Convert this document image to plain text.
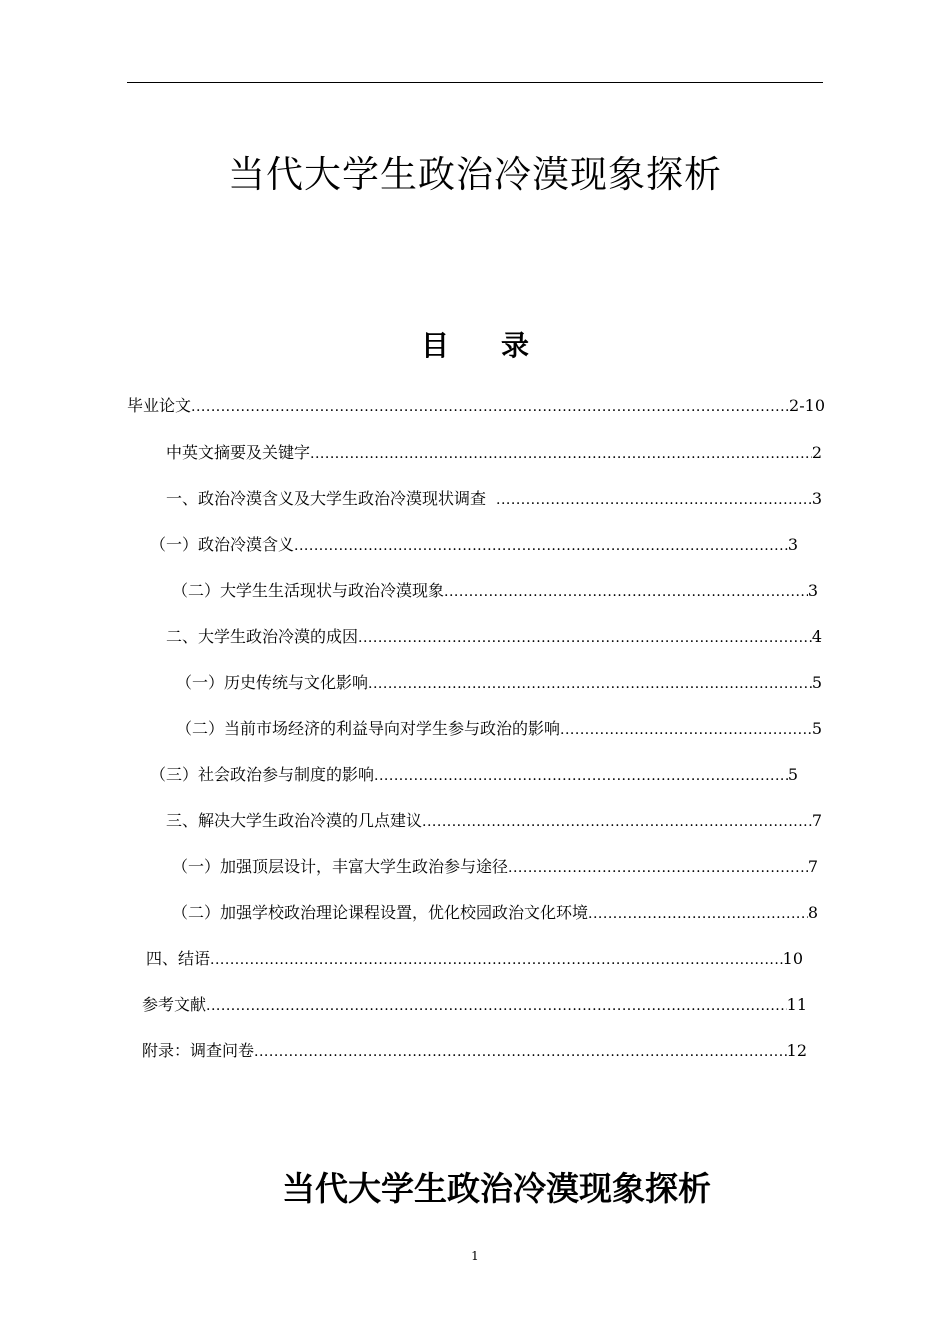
当代大学生政治冷漠现象探析
目 录
毕业论文 .....	2-10
中英文摘要及关键字 .....	2
一、政治冷漠含义及大学生政治冷漠现状调查 .....	3
（一）政治冷漠含义 .....	3
（二）大学生生活现状与政治冷漠现象 .....	3
二、大学生政治冷漠的成因 .....	4
（一）历史传统与文化影响 .....	5
（二）当前市场经济的利益导向对学生参与政治的影响 .....	5
（三）社会政治参与制度的影响 .....	5
三、解决大学生政治冷漠的几点建议 .....	7
（一）加强顶层设计，丰富大学生政治参与途径 .....	7
（二）加强学校政治理论课程设置，优化校园政治文化环境 .....	8
四、结语 .....	10
参考文献 .....	11
附录：调查问卷 .....	12
当代大学生政治冷漠现象探析
1
